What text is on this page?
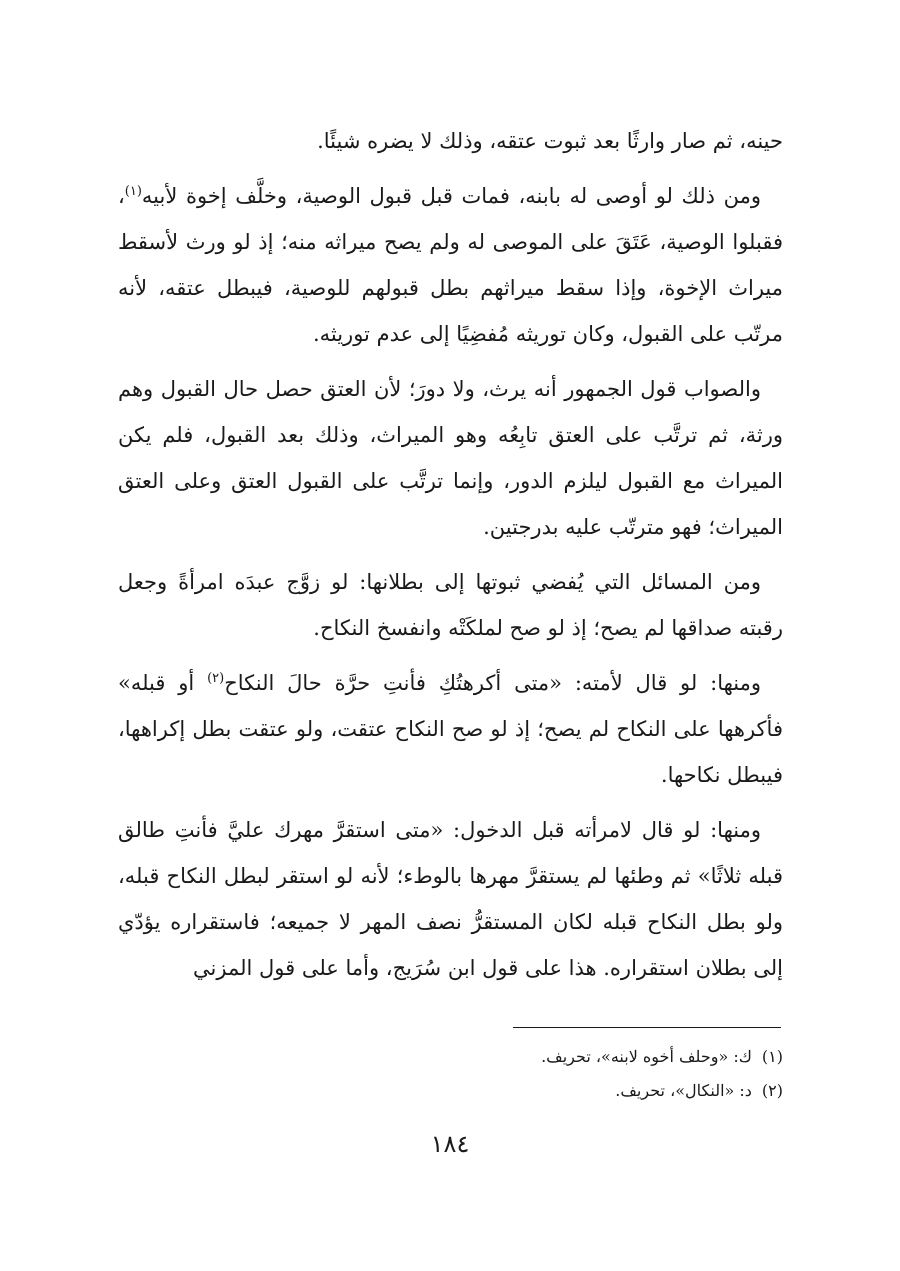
حينه، ثم صار وارثًا بعد ثبوت عتقه، وذلك لا يضره شيئًا.

ومن ذلك لو أوصى له بابنه، فمات قبل قبول الوصية، وخلَّف إخوة لأبيه$^{(١)}$، فقبلوا الوصية، عَتَقَ على الموصى له ولم يصح ميراثه منه؛ إذ لو ورث لأسقط ميراث الإخوة، وإذا سقط ميراثهم بطل قبولهم للوصية، فيبطل عتقه، لأنه مرتّب على القبول، وكان توريثه مُفضِيًا إلى عدم توريثه.

والصواب قول الجمهور أنه يرث، ولا دورَ؛ لأن العتق حصل حال القبول وهم ورثة، ثم ترتَّب على العتق تابِعُه وهو الميراث، وذلك بعد القبول، فلم يكن الميراث مع القبول ليلزم الدور، وإنما ترتَّب على القبول العتق وعلى العتق الميراث؛ فهو مترتّب عليه بدرجتين.

ومن المسائل التي يُفضي ثبوتها إلى بطلانها: لو زوَّج عبدَه امرأةً وجعل رقبته صداقها لم يصح؛ إذ لو صح لملكَتْه وانفسخ النكاح.

ومنها: لو قال لأمته: «متى أكرهتُكِ فأنتِ حرَّة حالَ النكاح$^{(٢)}$ أو قبله» فأكرهها على النكاح لم يصح؛ إذ لو صح النكاح عتقت، ولو عتقت بطل إكراهها، فيبطل نكاحها.

ومنها: لو قال لامرأته قبل الدخول: «متى استقرَّ مهرك عليَّ فأنتِ طالق قبله ثلاثًا» ثم وطئها لم يستقرَّ مهرها بالوطء؛ لأنه لو استقر لبطل النكاح قبله، ولو بطل النكاح قبله لكان المستقرُّ نصف المهر لا جميعه؛ فاستقراره يؤدّي إلى بطلان استقراره. هذا على قول ابن سُرَيج، وأما على قول المزني

(١)ك: «وحلف أخوه لابنه»، تحريف.

(٢)د: «النكال»، تحريف.

١٨٤
